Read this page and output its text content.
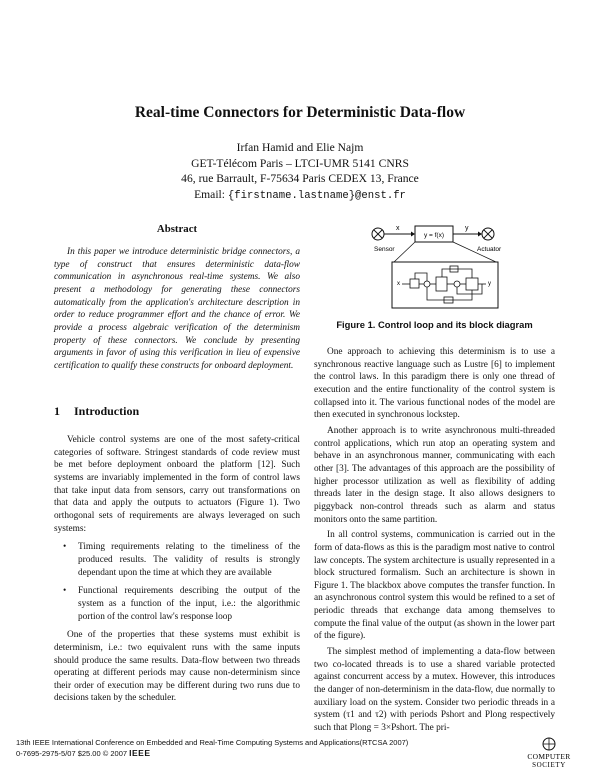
Real-time Connectors for Deterministic Data-flow
Irfan Hamid and Elie Najm
GET-Télécom Paris – LTCI-UMR 5141 CNRS
46, rue Barrault, F-75634 Paris CEDEX 13, France
Email: {firstname.lastname}@enst.fr
Abstract

In this paper we introduce deterministic bridge connectors, a type of construct that ensures deterministic data-flow communication in asynchronous real-time systems. We also present a methodology for generating these connectors automatically from the application's architecture description in order to reduce programmer effort and the chance of error. We provide a process algebraic verification of the determinism property of these connectors. We conclude by presenting arguments in favor of using this verification in lieu of expensive certification to qualify these constructs for onboard deployment.

1 Introduction

Vehicle control systems are one of the most safety-critical categories of software. Stringest standards of code review must be met before deployment onboard the platform [12]. Such systems are invariably implemented in the form of control laws that take input data from sensors, carry out transformations on that data and apply the outputs to actuators (Figure 1). Two orthogonal sets of requirements are always leveraged on such systems:

• Timing requirements relating to the timeliness of the produced results. The validity of results is strongly dependant upon the time at which they are available
• Functional requirements describing the output of the system as a function of the input, i.e.: the algorithmic portion of the control law's response loop

One of the properties that these systems must exhibit is determinism, i.e.: two equivalent runs with the same inputs should produce the same results. Data-flow between two threads operating at different periods may cause non-determinism since their order of execution may be different during two runs due to decisions taken by the scheduler.

Sensor
x
y = f(x)
y
Actuator
x	y
Figure 1. Control loop and its block diagram

One approach to achieving this determinism is to use a synchronous reactive language such as Lustre [6] to implement the control laws. In this paradigm there is only one thread of execution and the entire functionality of the control system is collapsed into it. The various functional nodes of the model are then executed in synchronous lockstep.

Another approach is to write asynchronous multi-threaded control applications, which run atop an operating system and behave in an asynchronous manner, communicating with each other [3]. The advantages of this approach are the possibility of higher processor utilization as well as flexibility of adding threads later in the design stage. It also allows designers to piggyback non-control threads such as alarm and status monitors onto the same partition.

In all control systems, communication is carried out in the form of data-flows as this is the paradigm most native to control law concepts. The system architecture is usually represented in a block structured formalism. Such an architecture is shown in Figure 1. The blackbox above computes the transfer function. In an asynchronous control system this would be refined to a set of periodic threads that exchange data among themselves to compute the final value of the output (as shown in the lower part of the figure).

The simplest method of implementing a data-flow between two co-located threads is to use a shared variable protected against concurrent access by a mutex. However, this introduces the danger of non-determinism in the data-flow, due normally to auxiliary load on the system. Consider two periodic threads in a system (τ1 and τ2) with periods Pshort and Plong respectively such that Plong = 3×Pshort. The pri-

13th IEEE International Conference on Embedded and Real-Time Computing Systems and Applications(RTCSA 2007)
0-7695-2975-5/07 $25.00 © 2007 IEEE	COMPUTER
SOCIETY
